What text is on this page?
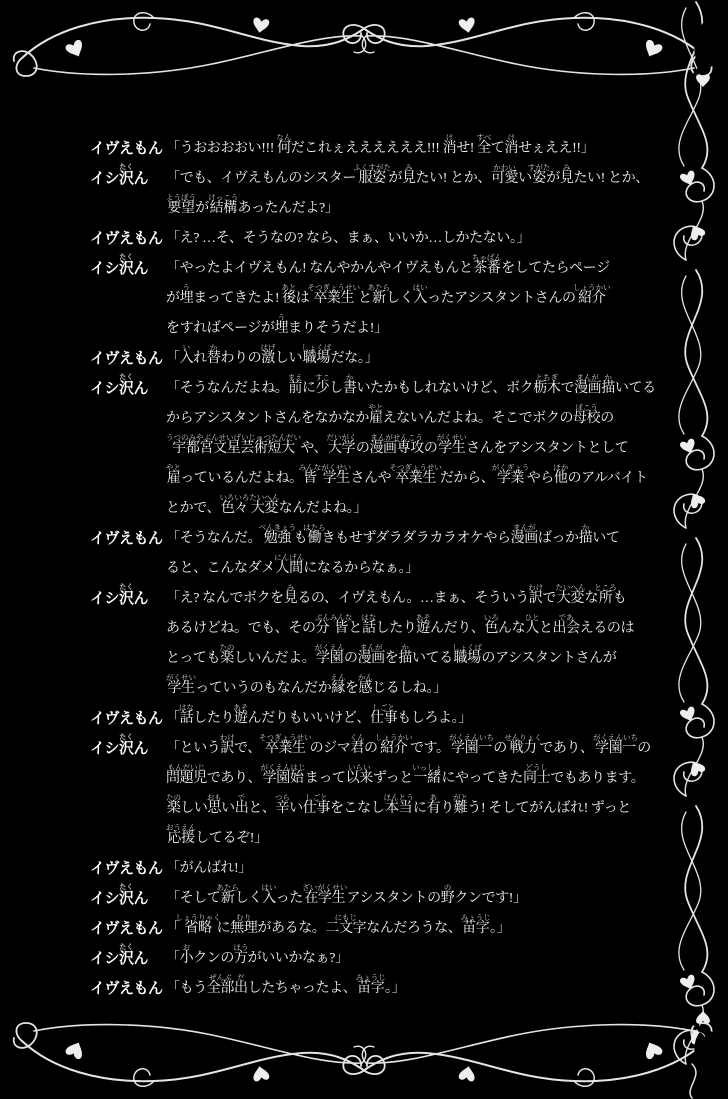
イヴえもん 「うおおおおい!!! 何なんだこれぇええええええ!!! 消けせ! 全すべて消けせぇええ!!」
イシ沢たくん	「でも、イヴえもんのシスター服姿ふくすがたが見みたい! とか、可愛かわいい姿すがたが見みたい! とか、
要望ようぼうが結構けっこうあったんだよ?」
イヴえもん 「え? …そ、そうなの? なら、まぁ、いいか…しかたない。」
イシ沢たくん	「やったよイヴえもん! なんやかんやイヴえもんと茶番ちゃばんをしてたらページ
が埋うまってきたよ! 後あとは卒業生そつぎょうせいと新あたらしく入はいったアシスタントさんの紹介しょうかい
をすればページが埋うまりそうだよ!」
イヴえもん 「入いれ替かわりの激はげしい職場しょくばだな。」
イシ沢たくん	「そうなんだよね。前まえに少すこし書かいたかもしれないけど、ボク栃木とちぎで漫画まんが描かいてる
からアシスタントさんをなかなか雇やとえないんだよね。そこでボクの母校ぼこうの
宇都宮文星芸術短大うつのみやぶんせいげいじゅつたんだいや、大学だいがくの漫画専攻まんがせんこうの学生がくせいさんをアシスタントとして
雇やとっているんだよね。皆みんな学生がくせいさんや卒業生そつぎょうせいだから、学業がくぎょうやら他ほかのアルバイト
とかで、色々いろいろ大変たいへんなんだよね。」
イヴえもん 「そうなんだ。勉強べんきょうも働はたらきもせずダラダラカラオケやら漫画まんがばっか描かいて
ると、こんなダメ人間にんげんになるからなぁ。」
イシ沢たくん	「え? なんでボクを見みるの、イヴえもん。…まぁ、そういう訳わけで大変たいへんな所ところも
あるけどね。でも、その分ぶん皆みんなと話はなしたり遊あそんだり、色いろんな人ひとと出会であえるのは
とっても楽たのしいんだよ。学園がくえんの漫画まんがを描かいてる職場しょくばのアシスタントさんが
学生がくせいっていうのもなんだか縁えんを感かんじるしね。」
イヴえもん 「話はなしたり遊あそんだりもいいけど、仕事しごともしろよ。」
イシ沢たくん	「という訳わけで、卒業生そつぎょうせいのジマ君くんの紹介しょうかいです。学園一がくえんいちの戦力せんりょくであり、学園一がくえんいちの
問題児もんだいじであり、学園始がくえんはじまって以来いらいずっと一緒いっしょにやってきた同士どうしでもあります。
楽たのしい思おもい出でと、辛つらい仕事しごとをこなし本当ほんとうに有あり難がとう! そしてがんばれ! ずっと
応援おうえんしてるぞ!」
イヴえもん 「がんばれ!」
イシ沢たくん	「そして新あたらしく入はいった在学生ざいがくせいアシスタントの野のクンです!」
イヴえもん 「省略しょうりゃくに無理むりがあるな。二文字にもじなんだろうな、苗字みょうじ。」
イシ沢たくん	「小おクンの方ほうがいいかなぁ?」
イヴえもん 「もう全部ぜんぶ出だしたちゃったよ、苗字みょうじ。」
